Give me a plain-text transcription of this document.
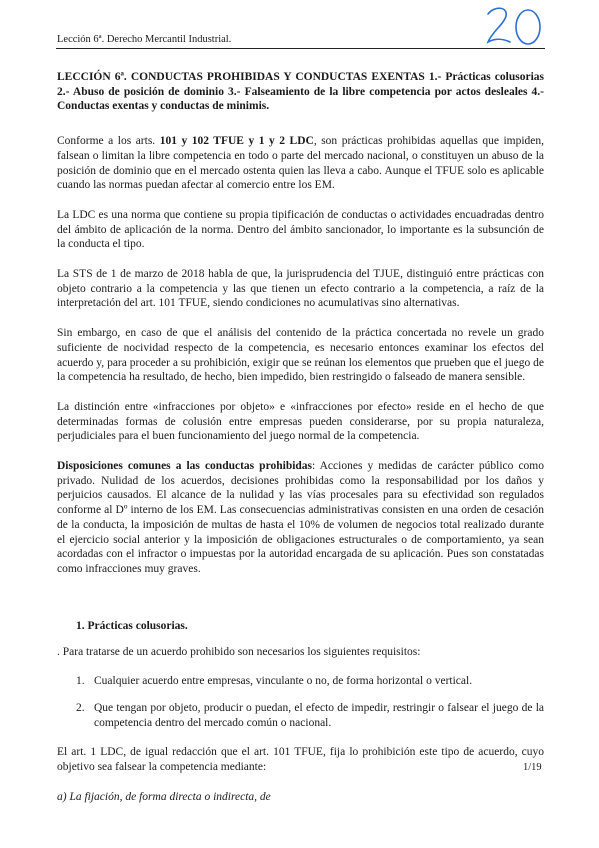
Lección 6ª. Derecho Mercantil Industrial.

LECCIÓN 6ª. CONDUCTAS PROHIBIDAS Y CONDUCTAS EXENTAS 1.- Prácticas colusorias 2.- Abuso de posición de dominio 3.- Falseamiento de la libre competencia por actos desleales 4.- Conductas exentas y conductas de minimis.

Conforme a los arts. 101 y 102 TFUE y 1 y 2 LDC, son prácticas prohibidas aquellas que impiden, falsean o limitan la libre competencia en todo o parte del mercado nacional, o constituyen un abuso de la posición de dominio que en el mercado ostenta quien las lleva a cabo. Aunque el TFUE solo es aplicable cuando las normas puedan afectar al comercio entre los EM.

La LDC es una norma que contiene su propia tipificación de conductas o actividades encuadradas dentro del ámbito de aplicación de la norma. Dentro del ámbito sancionador, lo importante es la subsunción de la conducta el tipo.

La STS de 1 de marzo de 2018 habla de que, la jurisprudencia del TJUE, distinguió entre prácticas con objeto contrario a la competencia y las que tienen un efecto contrario a la competencia, a raíz de la interpretación del art. 101 TFUE, siendo condiciones no acumulativas sino alternativas.

Sin embargo, en caso de que el análisis del contenido de la práctica concertada no revele un grado suficiente de nocividad respecto de la competencia, es necesario entonces examinar los efectos del acuerdo y, para proceder a su prohibición, exigir que se reúnan los elementos que prueben que el juego de la competencia ha resultado, de hecho, bien impedido, bien restringido o falseado de manera sensible.

La distinción entre «infracciones por objeto» e «infracciones por efecto» reside en el hecho de que determinadas formas de colusión entre empresas pueden considerarse, por su propia naturaleza, perjudiciales para el buen funcionamiento del juego normal de la competencia.

Disposiciones comunes a las conductas prohibidas: Acciones y medidas de carácter público como privado. Nulidad de los acuerdos, decisiones prohibidas como la responsabilidad por los daños y perjuicios causados. El alcance de la nulidad y las vías procesales para su efectividad son regulados conforme al Dº interno de los EM. Las consecuencias administrativas consisten en una orden de cesación de la conducta, la imposición de multas de hasta el 10% de volumen de negocios total realizado durante el ejercicio social anterior y la imposición de obligaciones estructurales o de comportamiento, ya sean acordadas con el infractor o impuestas por la autoridad encargada de su aplicación. Pues son constatadas como infracciones muy graves.

1. Prácticas colusorias.

. Para tratarse de un acuerdo prohibido son necesarios los siguientes requisitos:

1. Cualquier acuerdo entre empresas, vinculante o no, de forma horizontal o vertical.
2. Que tengan por objeto, producir o puedan, el efecto de impedir, restringir o falsear el juego de la competencia dentro del mercado común o nacional.

El art. 1 LDC, de igual redacción que el art. 101 TFUE, fija lo prohibición este tipo de acuerdo, cuyo objetivo sea falsear la competencia mediante:

a) La fijación, de forma directa o indirecta, de

1/19
